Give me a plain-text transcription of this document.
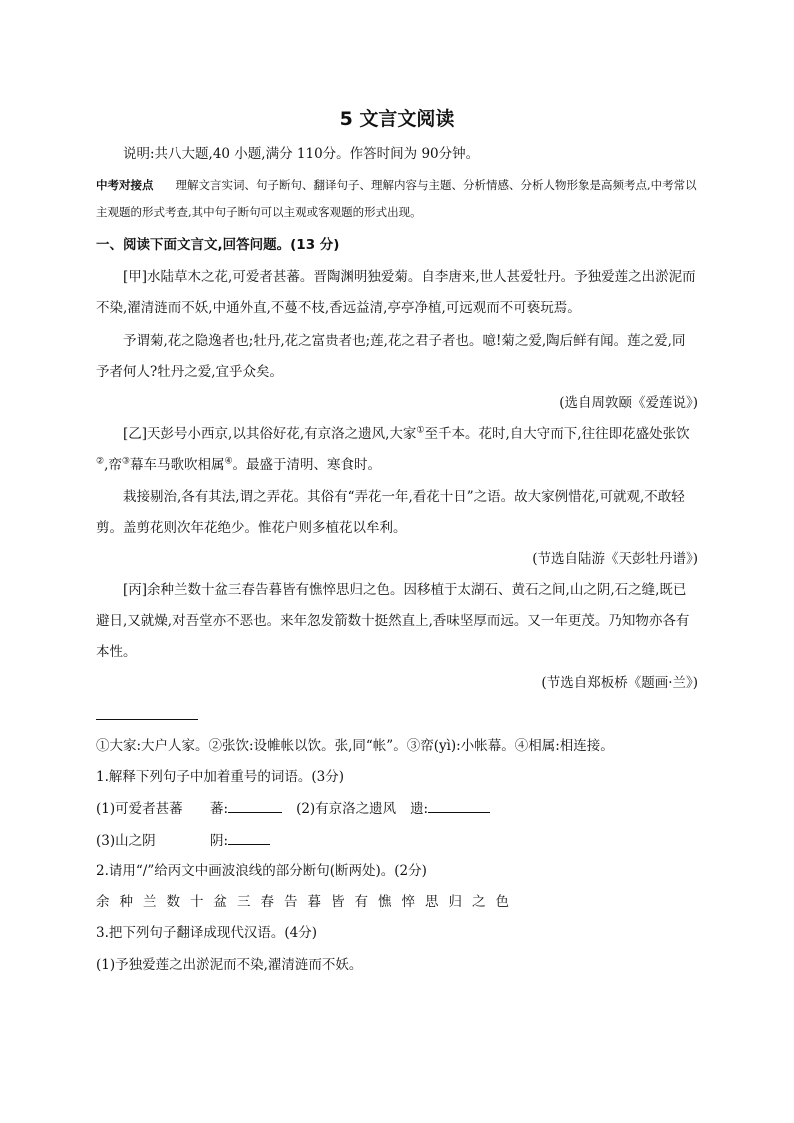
5 文言文阅读
说明:共八大题,40 小题,满分 110分。作答时间为 90分钟。
中考对接点 理解文言实词、句子断句、翻译句子、理解内容与主题、分析情感、分析人物形象是高频考点,中考常以主观题的形式考查,其中句子断句可以主观或客观题的形式出现。
一、阅读下面文言文,回答问题。(13 分)
[甲]水陆草木之花,可爱者甚蕃。晋陶渊明独爱菊。自李唐来,世人甚爱牡丹。予独爱莲之出淤泥而不染,濯清涟而不妖,中通外直,不蔓不枝,香远益清,亭亭净植,可远观而不可亵玩焉。
予谓菊,花之隐逸者也;牡丹,花之富贵者也;莲,花之君子者也。噫!菊之爱,陶后鲜有闻。莲之爱,同予者何人?牡丹之爱,宜乎众矣。
(选自周敦颐《爱莲说》)
[乙]天彭号小西京,以其俗好花,有京洛之遗风,大家①至千本。花时,自大守而下,往往即花盛处张饮②,帟③幕车马歌吹相属④。最盛于清明、寒食时。
栽接剔治,各有其法,谓之弄花。其俗有“弄花一年,看花十日”之语。故大家例惜花,可就观,不敢轻剪。盖剪花则次年花绝少。惟花户则多植花以牟利。
(节选自陆游《天彭牡丹谱》)
[丙]余种兰数十盆三春告暮皆有憔悴思归之色。因移植于太湖石、黄石之间,山之阴,石之缝,既已避日,又就燥,对吾堂亦不恶也。来年忽发箭数十挺然直上,香味坚厚而远。又一年更茂。乃知物亦各有本性。
(节选自郑板桥《题画·兰》)
①大家:大户人家。②张饮:设帷帐以饮。张,同“帐”。③帟(yì):小帐幕。④相属:相连接。
1.解释下列句子中加着重号的词语。(3分)
(1)可爱者甚蕃 蕃:	(2)有京洛之遗风 遗:
(3)山之阴	阴:
2.请用“/”给丙文中画波浪线的部分断句(断两处)。(2分)
余种兰数十盆三春告暮皆有憔悴思归之色
3.把下列句子翻译成现代汉语。(4分)
(1)予独爱莲之出淤泥而不染,濯清涟而不妖。
